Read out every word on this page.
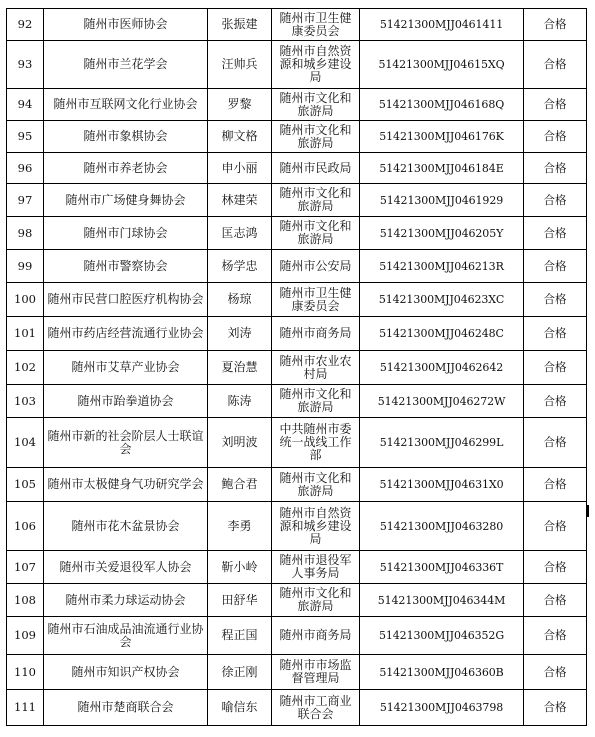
92	随州市医师协会	张振建	随州市卫生健康委员会	51421300MJJ0461411	合格
93	随州市兰花学会	汪帅兵	随州市自然资源和城乡建设局	51421300MJJ04615XQ	合格
94	随州市互联网文化行业协会	罗黎	随州市文化和旅游局	51421300MJJ046168Q	合格
95	随州市象棋协会	柳文格	随州市文化和旅游局	51421300MJJ046176K	合格
96	随州市养老协会	申小丽	随州市民政局	51421300MJJ046184E	合格
97	随州市广场健身舞协会	林建荣	随州市文化和旅游局	51421300MJJ0461929	合格
98	随州市门球协会	匡志鸿	随州市文化和旅游局	51421300MJJ046205Y	合格
99	随州市警察协会	杨学忠	随州市公安局	51421300MJJ046213R	合格
100	随州市民营口腔医疗机构协会	杨琼	随州市卫生健康委员会	51421300MJJ04623XC	合格
101	随州市药店经营流通行业协会	刘涛	随州市商务局	51421300MJJ046248C	合格
102	随州市艾草产业协会	夏治慧	随州市农业农村局	51421300MJJ0462642	合格
103	随州市跆拳道协会	陈涛	随州市文化和旅游局	51421300MJJ046272W	合格
104	随州市新的社会阶层人士联谊会	刘明波	中共随州市委统一战线工作部	51421300MJJ046299L	合格
105	随州市太极健身气功研究学会	鲍合君	随州市文化和旅游局	51421300MJJ04631X0	合格
106	随州市花木盆景协会	李勇	随州市自然资源和城乡建设局	51421300MJJ0463280	合格
107	随州市关爱退役军人协会	靳小岭	随州市退役军人事务局	51421300MJJ046336T	合格
108	随州市柔力球运动协会	田舒华	随州市文化和旅游局	51421300MJJ046344M	合格
109	随州市石油成品油流通行业协会	程正国	随州市商务局	51421300MJJ046352G	合格
110	随州市知识产权协会	徐正刚	随州市市场监督管理局	51421300MJJ046360B	合格
111	随州市楚商联合会	喻信东	随州市工商业联合会	51421300MJJ0463798	合格
